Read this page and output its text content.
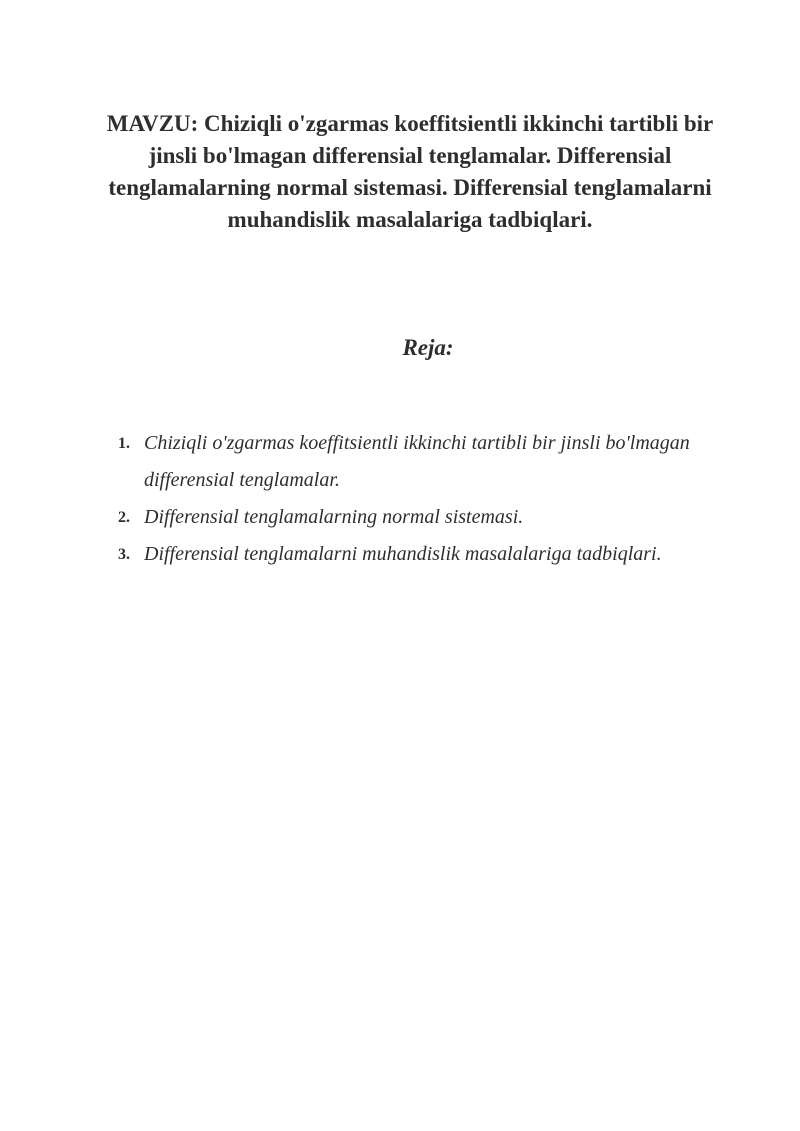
MAVZU: Chiziqli o'zgarmas koeffitsientli ikkinchi tartibli bir jinsli bo'lmagan differensial tenglamalar. Differensial tenglamalarning normal sistemasi. Differensial tenglamalarni muhandislik masalalariga tadbiqlari.
Reja:
1. Chiziqli o'zgarmas koeffitsientli ikkinchi tartibli bir jinsli bo'lmagan differensial tenglamalar.
2. Differensial tenglamalarning normal sistemasi.
3. Differensial tenglamalarni muhandislik masalalariga tadbiqlari.
